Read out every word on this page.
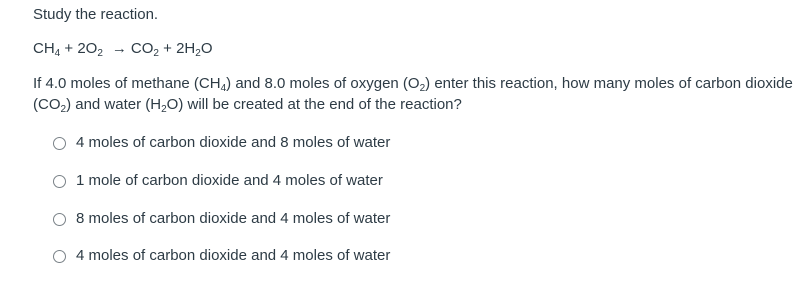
Study the reaction.
$CH_4 + 2O_2 \to CO_2 + 2H_2O$
If 4.0 moles of methane $(CH_4)$ and 8.0 moles of oxygen $(O_2)$ enter this reaction, how many moles of carbon dioxide $(CO_2)$ and water $(H_2O)$ will be created at the end of the reaction?
4 moles of carbon dioxide and 8 moles of water
1 mole of carbon dioxide and 4 moles of water
8 moles of carbon dioxide and 4 moles of water
4 moles of carbon dioxide and 4 moles of water
